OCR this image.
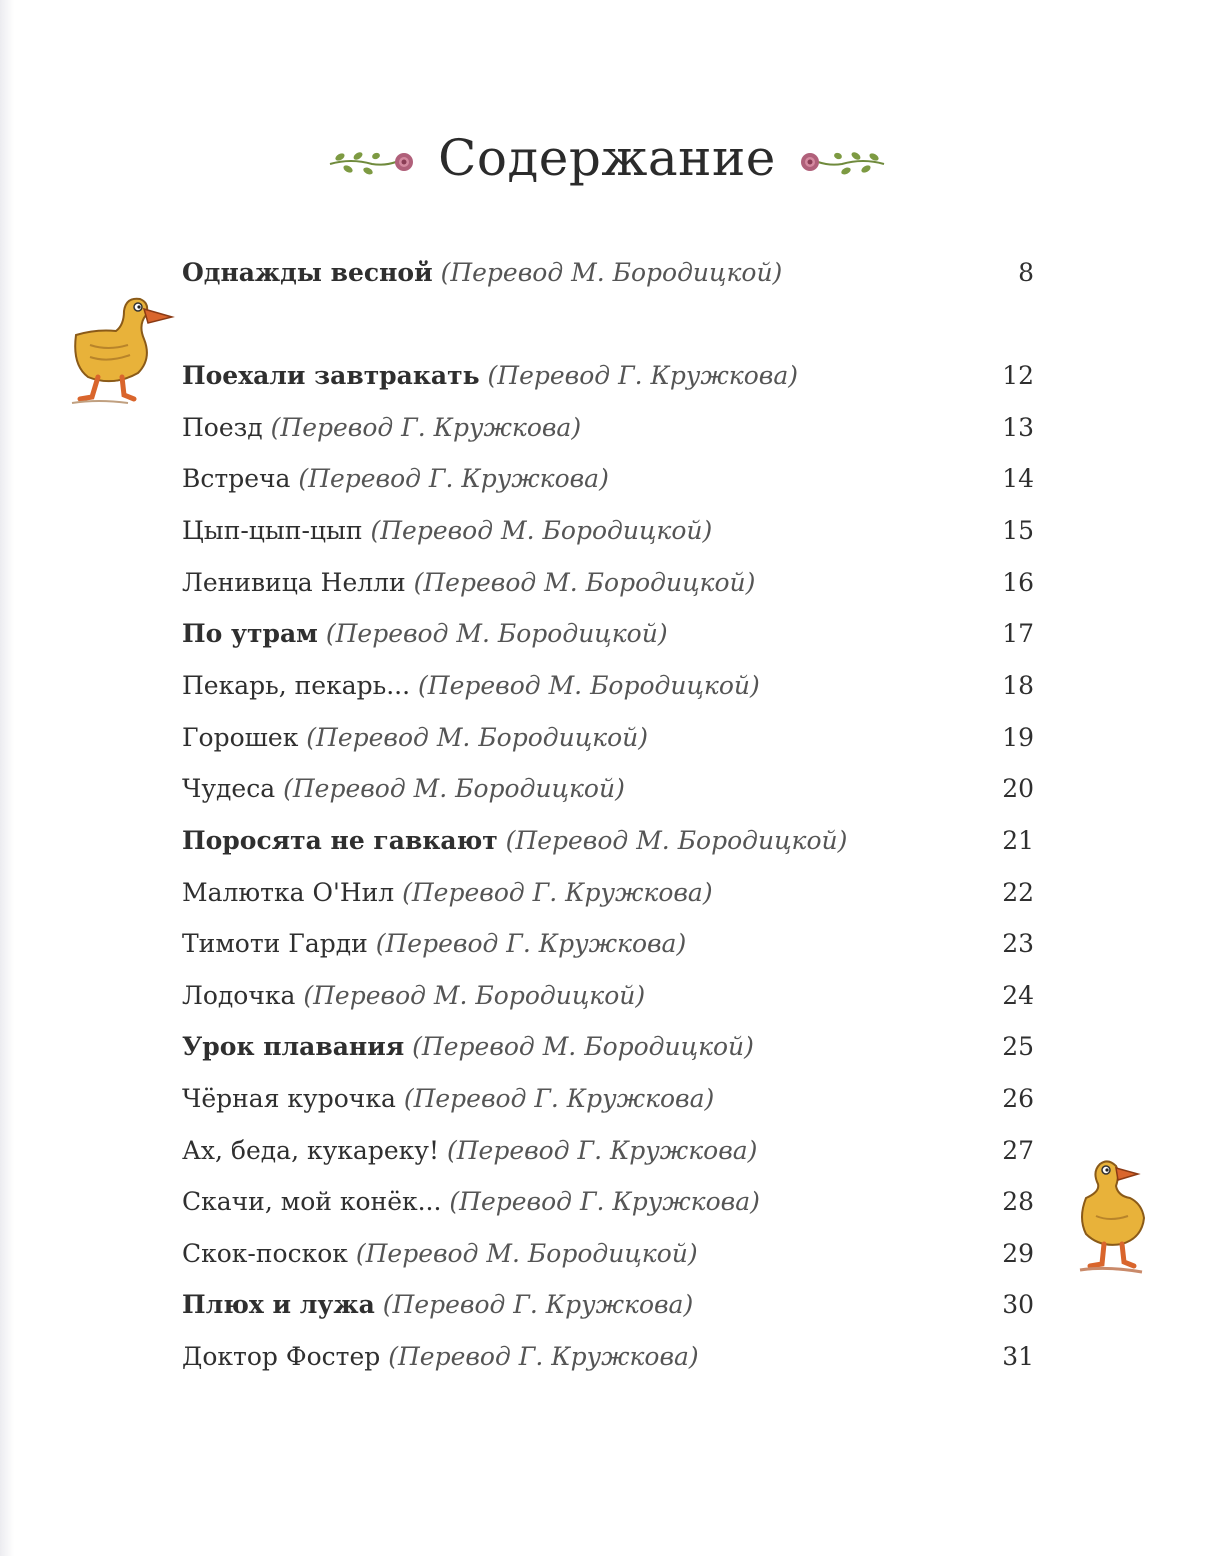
Содержание
Однажды весной (Перевод М. Бородицкой)	8
Поехали завтракать (Перевод Г. Кружкова)	12
Поезд (Перевод Г. Кружкова)	13
Встреча (Перевод Г. Кружкова)	14
Цып-цып-цып (Перевод М. Бородицкой)	15
Ленивица Нелли (Перевод М. Бородицкой)	16
По утрам (Перевод М. Бородицкой)	17
Пекарь, пекарь... (Перевод М. Бородицкой)	18
Горошек (Перевод М. Бородицкой)	19
Чудеса (Перевод М. Бородицкой)	20
Поросята не гавкают (Перевод М. Бородицкой)	21
Малютка О'Нил (Перевод Г. Кружкова)	22
Тимоти Гарди (Перевод Г. Кружкова)	23
Лодочка (Перевод М. Бородицкой)	24
Урок плавания (Перевод М. Бородицкой)	25
Чёрная курочка (Перевод Г. Кружкова)	26
Ах, беда, кукареку! (Перевод Г. Кружкова)	27
Скачи, мой конёк... (Перевод Г. Кружкова)	28
Скок-поскок (Перевод М. Бородицкой)	29
Плюх и лужа (Перевод Г. Кружкова)	30
Доктор Фостер (Перевод Г. Кружкова)	31
